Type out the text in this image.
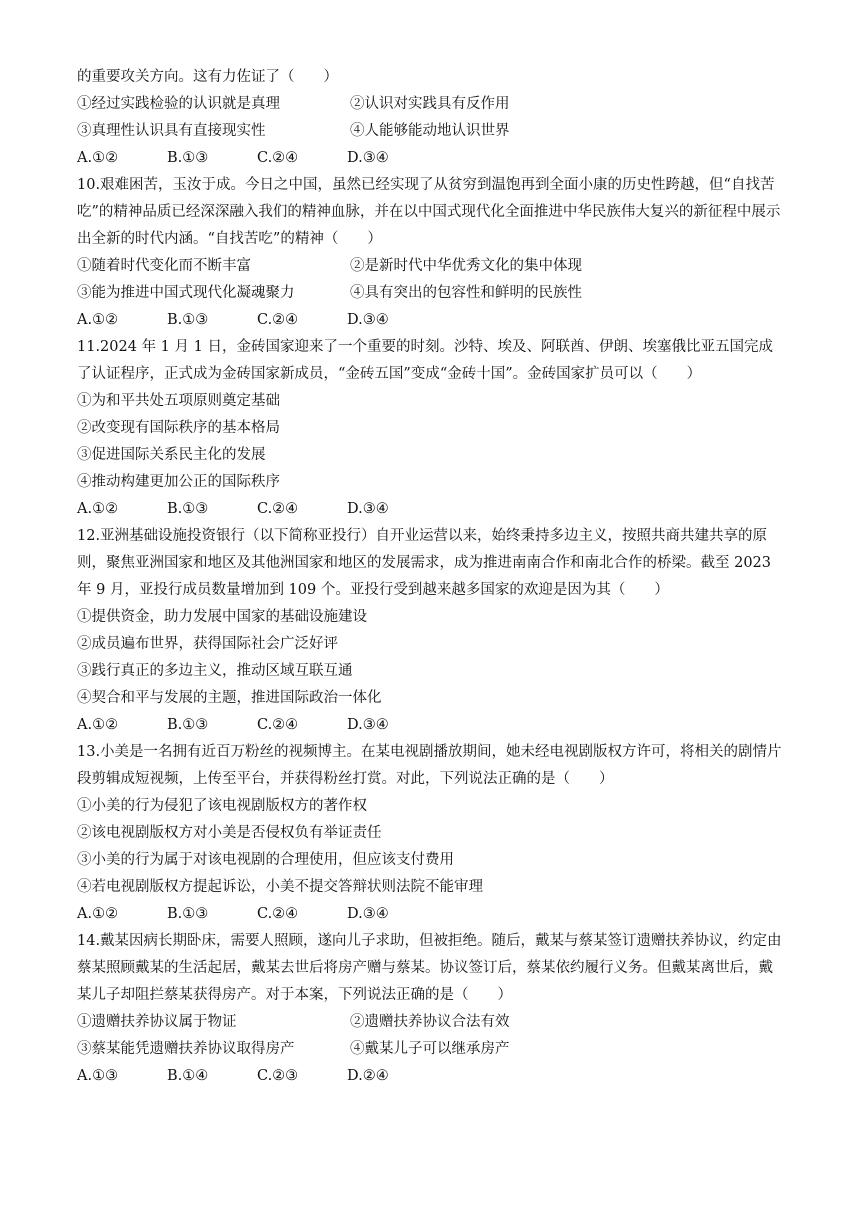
的重要攻关方向。这有力佐证了（　　）
①经过实践检验的认识就是真理	②认识对实践具有反作用
③真理性认识具有直接现实性	④人能够能动地认识世界
A.①②	B.①③	C.②④	D.③④
10.艰难困苦，玉汝于成。今日之中国，虽然已经实现了从贫穷到温饱再到全面小康的历史性跨越，但“自找苦吃”的精神品质已经深深融入我们的精神血脉，并在以中国式现代化全面推进中华民族伟大复兴的新征程中展示出全新的时代内涵。“自找苦吃”的精神（　　）
①随着时代变化而不断丰富	②是新时代中华优秀文化的集中体现
③能为推进中国式现代化凝魂聚力	④具有突出的包容性和鲜明的民族性
A.①②	B.①③	C.②④	D.③④
11.2024 年 1 月 1 日，金砖国家迎来了一个重要的时刻。沙特、埃及、阿联酋、伊朗、埃塞俄比亚五国完成了认证程序，正式成为金砖国家新成员，“金砖五国”变成“金砖十国”。金砖国家扩员可以（　　）
①为和平共处五项原则奠定基础
②改变现有国际秩序的基本格局
③促进国际关系民主化的发展
④推动构建更加公正的国际秩序
A.①②	B.①③	C.②④	D.③④
12.亚洲基础设施投资银行（以下简称亚投行）自开业运营以来，始终秉持多边主义，按照共商共建共享的原则，聚焦亚洲国家和地区及其他洲国家和地区的发展需求，成为推进南南合作和南北合作的桥梁。截至 2023 年 9 月，亚投行成员数量增加到 109 个。亚投行受到越来越多国家的欢迎是因为其（　　）
①提供资金，助力发展中国家的基础设施建设
②成员遍布世界，获得国际社会广泛好评
③践行真正的多边主义，推动区域互联互通
④契合和平与发展的主题，推进国际政治一体化
A.①②	B.①③	C.②④	D.③④
13.小美是一名拥有近百万粉丝的视频博主。在某电视剧播放期间，她未经电视剧版权方许可，将相关的剧情片段剪辑成短视频，上传至平台，并获得粉丝打赏。对此，下列说法正确的是（　　）
①小美的行为侵犯了该电视剧版权方的著作权
②该电视剧版权方对小美是否侵权负有举证责任
③小美的行为属于对该电视剧的合理使用，但应该支付费用
④若电视剧版权方提起诉讼，小美不提交答辩状则法院不能审理
A.①②	B.①③	C.②④	D.③④
14.戴某因病长期卧床，需要人照顾，遂向儿子求助，但被拒绝。随后，戴某与蔡某签订遗赠扶养协议，约定由蔡某照顾戴某的生活起居，戴某去世后将房产赠与蔡某。协议签订后，蔡某依约履行义务。但戴某离世后，戴某儿子却阻拦蔡某获得房产。对于本案，下列说法正确的是（　　）
①遗赠扶养协议属于物证	②遗赠扶养协议合法有效
③蔡某能凭遗赠扶养协议取得房产	④戴某儿子可以继承房产
A.①③	B.①④	C.②③	D.②④
